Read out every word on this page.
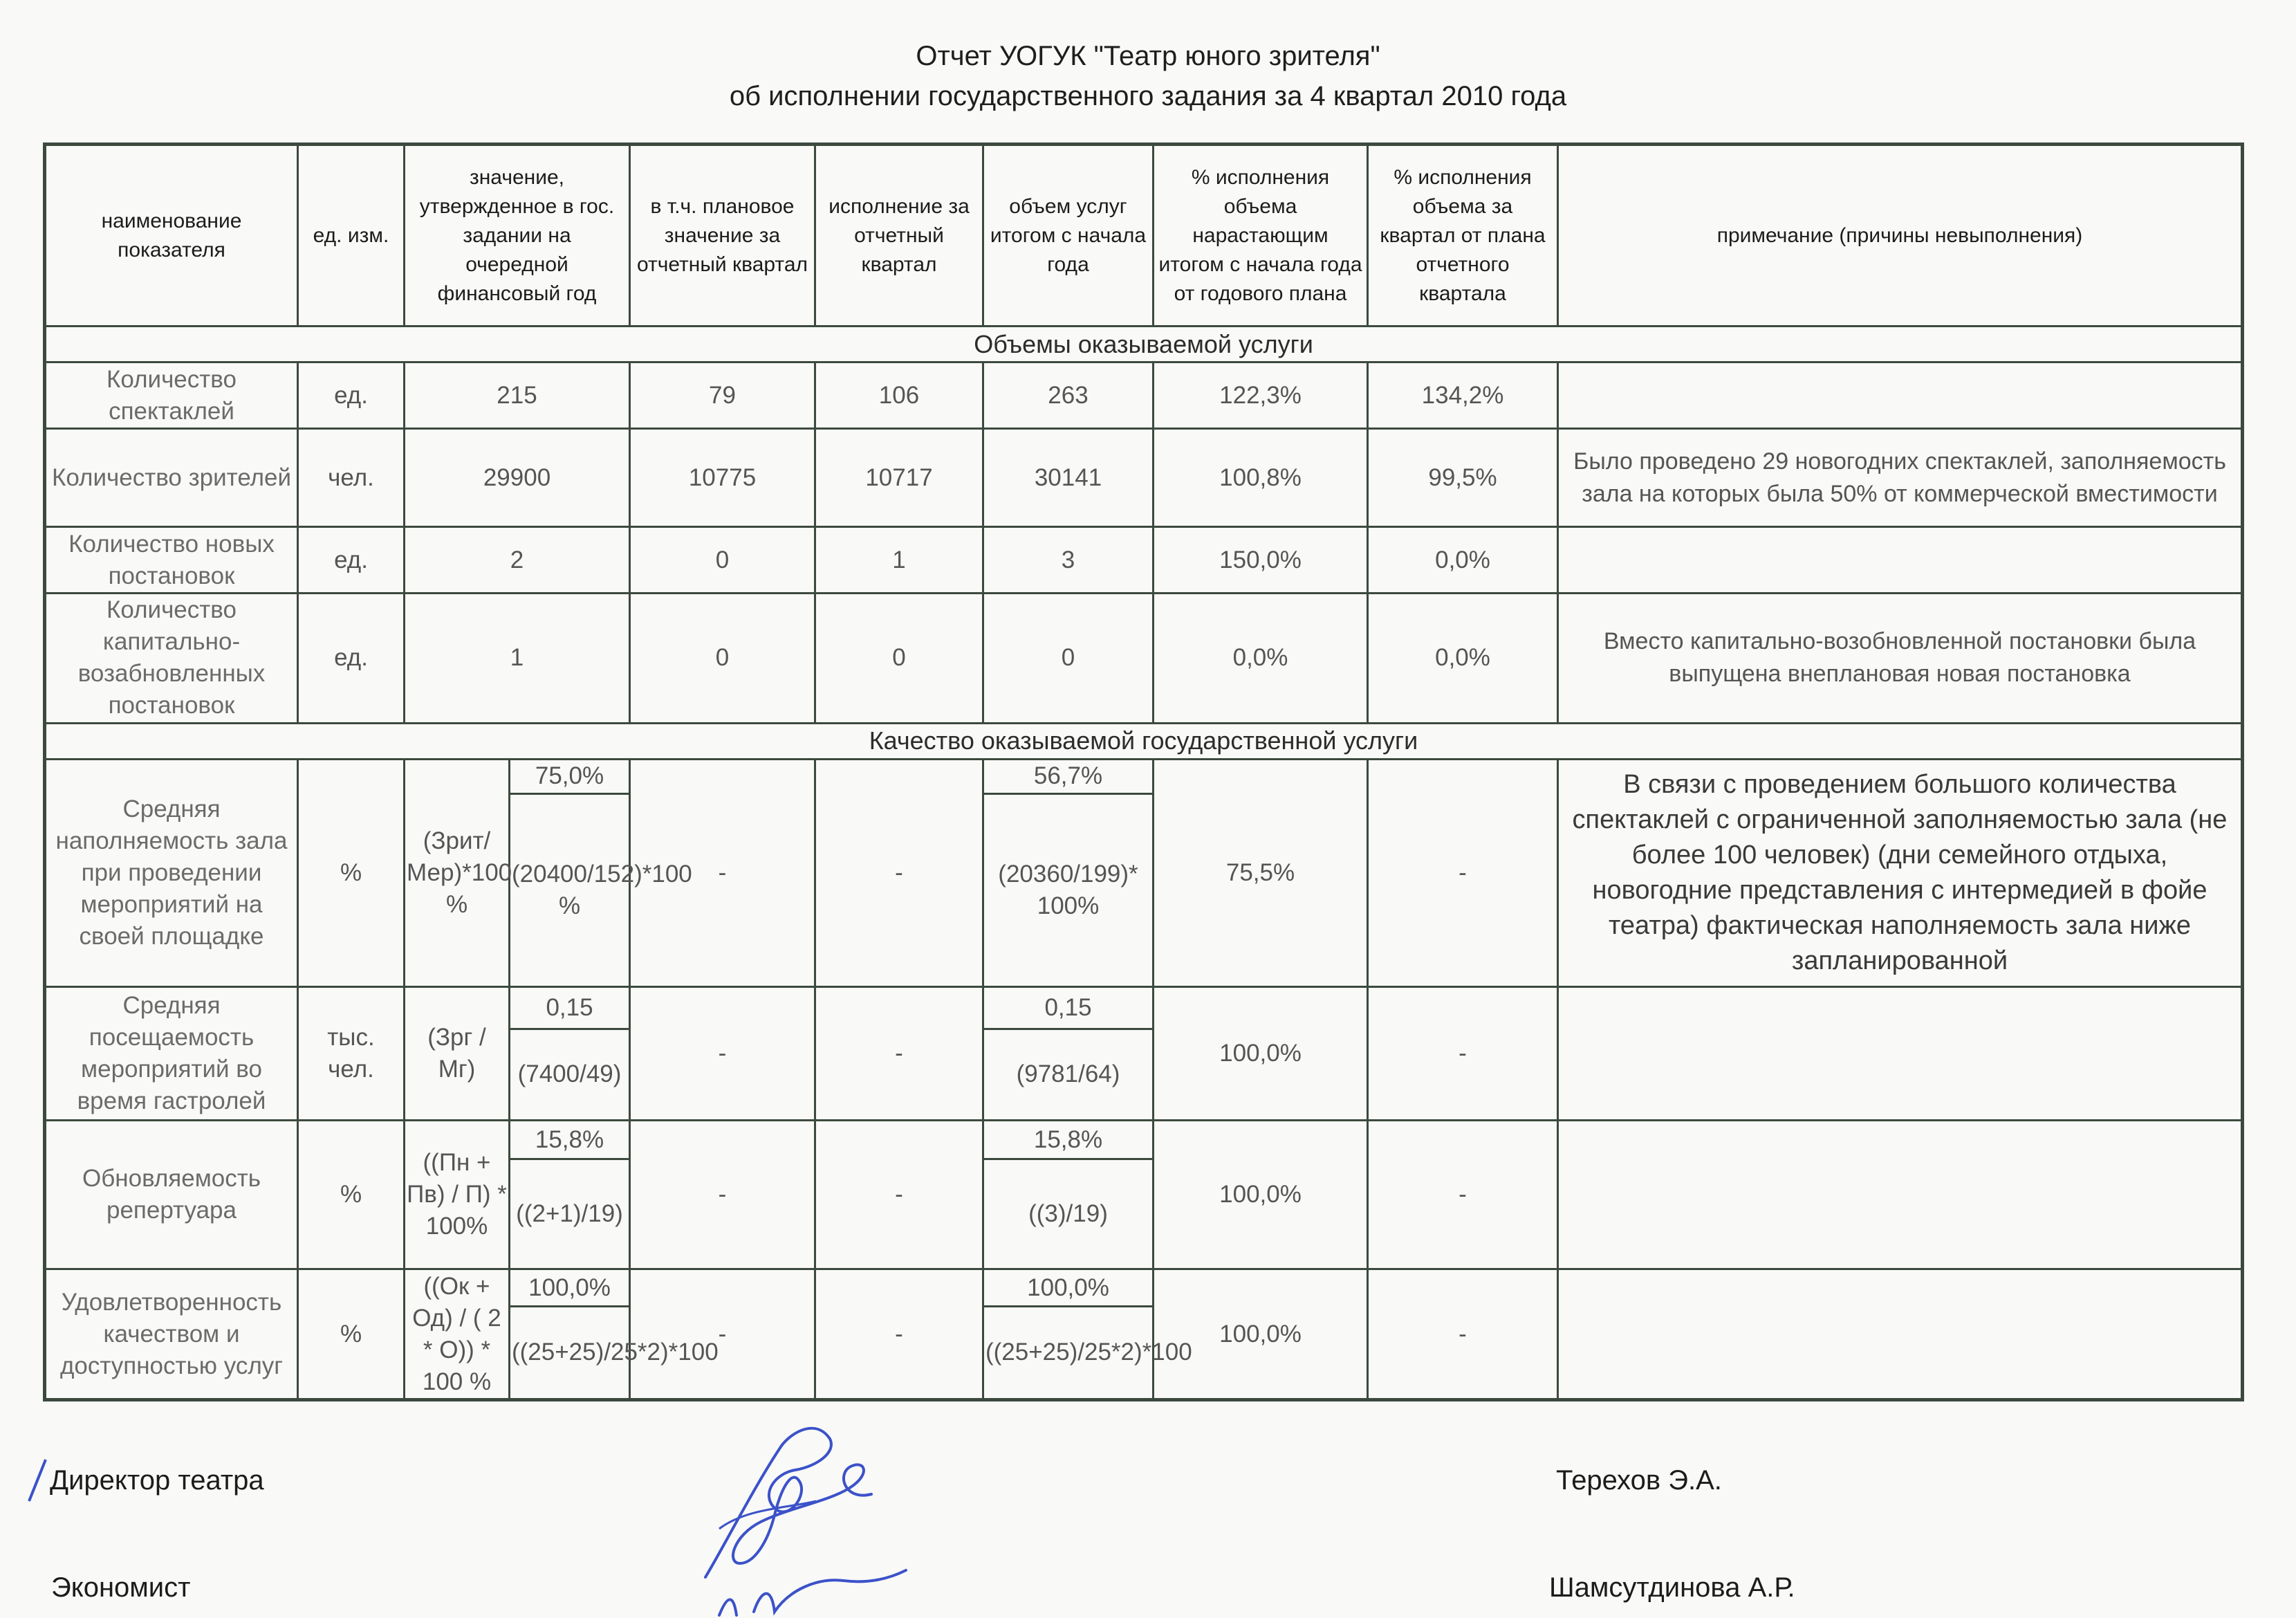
Отчет УОГУК "Театр юного зрителя"
об исполнении государственного задания за 4 квартал 2010 года
наименование показателя	ед. изм.	значение, утвержденное в гос. задании на очередной финансовый год		в т.ч. плановое значение за отчетный квартал	исполнение за отчетный квартал	объем услуг итогом с начала года	% исполнения объема нарастающим итогом с начала года от годового плана	% исполнения объема за квартал от плана отчетного квартала	примечание (причины невыполнения)
Объемы оказываемой услуги									
Количество спектаклей	ед.	215		79	106	263	122,3%	134,2%	
Количество зрителей	чел.	29900		10775	10717	30141	100,8%	99,5%	Было проведено 29 новогодних спектаклей, заполняемость зала на которых была 50% от коммерческой вместимости
Количество новых постановок	ед.	2		0	1	3	150,0%	0,0%	
Количество капитально-возабновленных постановок	ед.	1		0	0	0	0,0%	0,0%	Вместо капитально-возобновленной постановки была выпущена внеплановая новая постановка
Качество оказываемой государственной услуги									
Средняя наполняемость зала при проведении мероприятий на своей площадке	%	(Зрит/Мер)*100 %	75,0%	-	-	56,7%	75,5%	-	В связи с проведением большого количества спектаклей с ограниченной заполняемостью зала (не более 100 человек) (дни семейного отдыха, новогодние представления с интермедией в фойе театра) фактическая наполняемость зала ниже запланированной
			(20400/152)*100 %			(20360/199)* 100%			
Средняя посещаемость мероприятий во время гастролей	тыс. чел.	(Зрг / Мг)	0,15	-	-	0,15	100,0%	-	
			(7400/49)			(9781/64)			
Обновляемость репертуара	%	((Пн + Пв) / П) * 100%	15,8%	-	-	15,8%	100,0%	-	
			((2+1)/19)			((3)/19)			
Удовлетворенность качеством и доступностью услуг	%	((Ок + Од) / ( 2 * О)) * 100 %	100,0%	-	-	100,0%	100,0%	-	
			((25+25)/25*2)*100			((25+25)/25*2)*100			
Директор театра	Терехов Э.А.
Экономист	Шамсутдинова А.Р.
